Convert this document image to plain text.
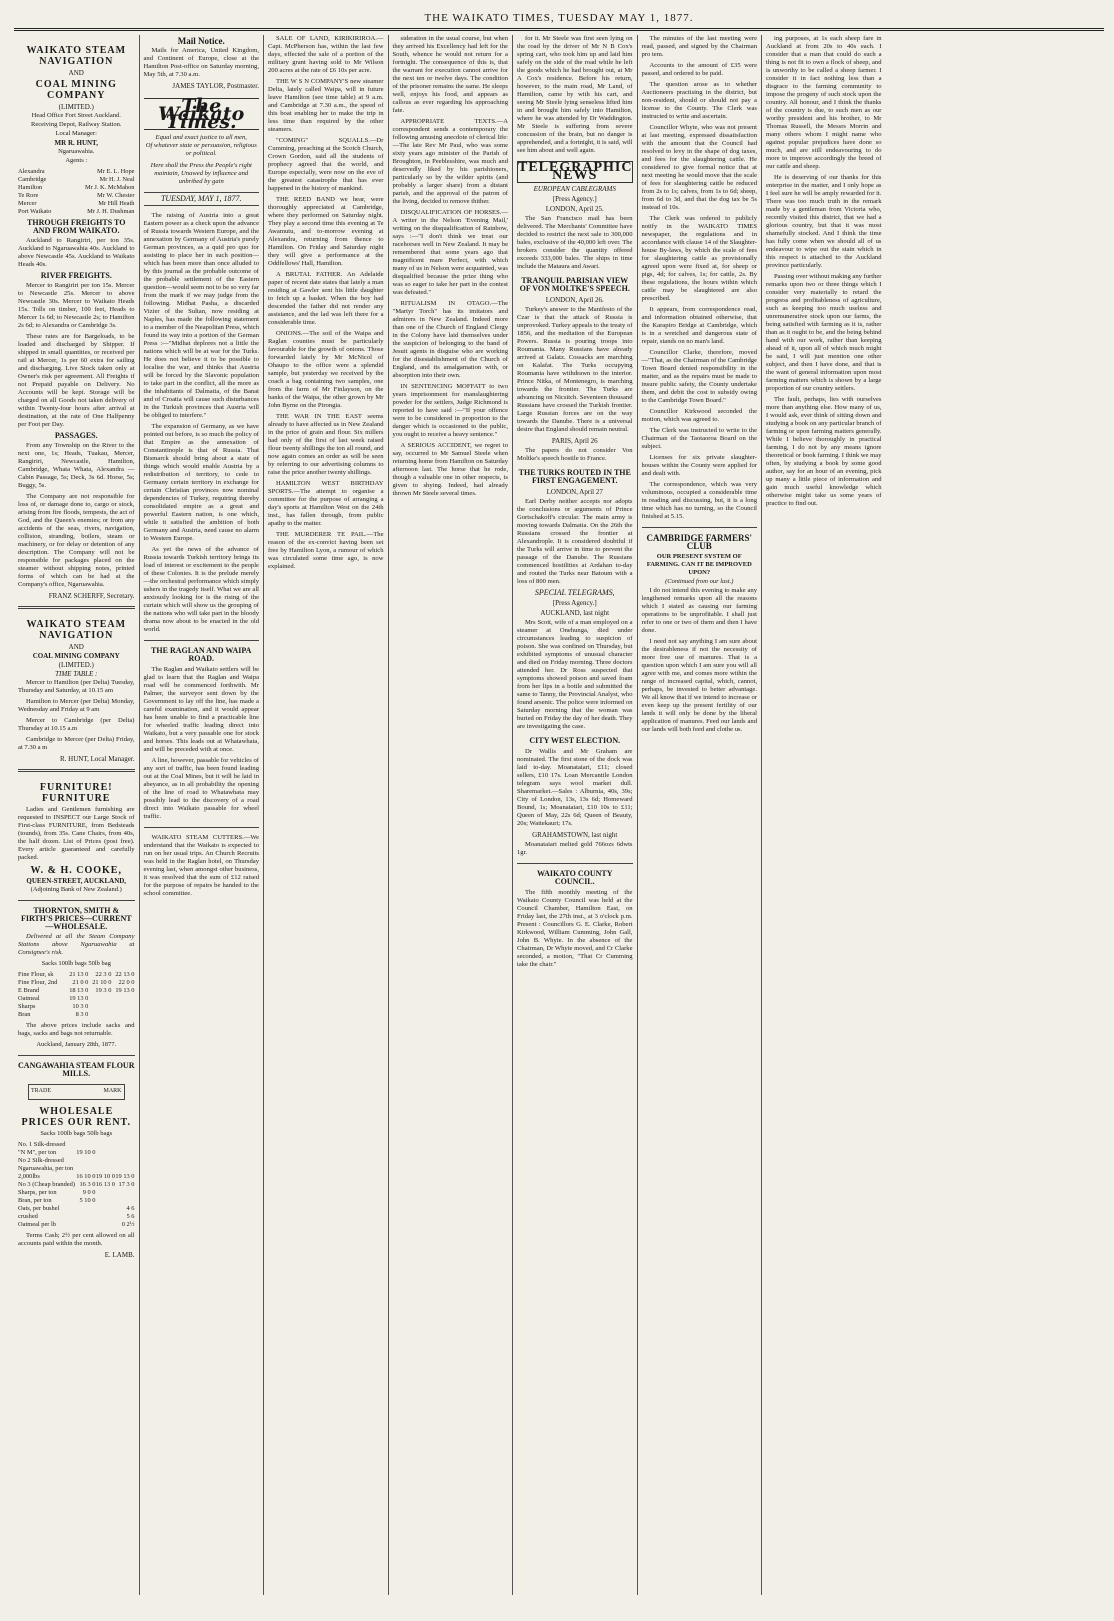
THE WAIKATO TIMES, TUESDAY MAY 1, 1877.
WAIKATO STEAM NAVIGATION
AND
COAL MINING COMPANY
(LIMITED.)
Head Office Fort Street Auckland.
Receiving Depot, Railway Station.
Local Manager:
MR R. HUNT,
Ngaruawahia.
Agents :
Alexandra	Mr E. L. Hope
Cambridge	Mr H. J. Neal
Hamilton	Mr J. K. McMahon
Te Rore	Mr W. Chester
Mercer	Mr Hill Heath
Port Waikato	Mr J. H. Dushman
THROUGH FREIGHTS TO AND FROM WAIKATO.

Auckland to Rangiriri, per ton 35s. Auckland to Ngaruawahia 40s. Auckland to above Newcastle 45s. Auckland to Waikato Heads 40s.

RIVER FREIGHTS.

Mercer to Rangiriri per ton 15s. Mercer to Newcastle 25s. Mercer to above Newcastle 30s. Mercer to Waikato Heads 15s. Tolls on timber, 100 feet, Heads to Mercer 1s 6d; to Newcastle 2s; to Hamilton 2s 6d; to Alexandra or Cambridge 3s.

These rates are for Bargeloads, to be loaded and discharged by Shipper. If shipped in small quantities, or received per rail at Mercer, 1s per 60 extra for sailing and discharging. Live Stock taken only at Owner's risk per agreement. All Freights if not Prepaid payable on Delivery. No Accounts will be kept. Storage will be charged on all Goods not taken delivery of within Twenty-four hours after arrival at destination, at the rate of One Halfpenny per Foot per Day.

PASSAGES.

From any Township on the River to the next one, 1s; Heads, Tuakau, Mercer, Rangiriri, Newcastle, Hamilton, Cambridge, Whata Whata, Alexandra — Cabin Passage, 5s; Deck, 3s 6d. Horse, 5s; Buggy, 5s.

The Company are not responsible for loss of, or damage done to, cargo or stock, arising from fire floods, tempests, the act of God, and the Queen's enemies; or from any accidents of the seas, rivers, navigation, collision, stranding, boilers, steam or machinery, or for delay or detention of any description. The Company will not be responsible for packages placed on the steamer without shipping notes, printed forms of which can be had at the Company's office, Ngaruawahia.

FRANZ SCHERFF, Secretary.
WAIKATO STEAM NAVIGATION
AND
COAL MINING COMPANY
(LIMITED.)
TIME TABLE :

Mercer to Hamilton (per Delta) Tuesday, Thursday and Saturday, at 10.15 am

Hamilton to Mercer (per Delta) Monday, Wednesday and Friday at 9 am

Mercer to Cambridge (per Delta) Thursday at 10.15 a.m

Cambridge to Mercer (per Delta) Friday, at 7.30 a m

R. HUNT, Local Manager.
FURNITURE! FURNITURE

Ladies and Gentlemen furnishing are requested to INSPECT our Large Stock of First-class FURNITURE, from Bedsteads (tounds), from 35s. Cane Chairs, from 40s, the half dozen. List of Prices (post free). Every article guaranteed and carefully packed.

W. & H. COOKE,
QUEEN-STREET, AUCKLAND,
(Adjoining Bank of New Zealand.)
THORNTON, SMITH & FIRTH'S PRICES—CURRENT—WHOLESALE.

Delivered at all the Steam Company Stations above Ngaruawahia at Consignee's risk.

Sacks 100lb bags 50lb bag
Fine Flour, sk	21 13 0	22 3 0	22 13 0
Fine Flour, 2nd	21 0 0	21 10 0	22 0 0
E Brand	18 13 0	19 3 0	19 13 0
Oatmeal	19 13 0		
Sharps	10 3 0		
Bran	8 3 0		

The above prices include sacks and bags, sacks and bags not returnable.

Auckland, January 28th, 1877.
CANGAWAHIA STEAM FLOUR MILLS.
TRADE	MARK
WHOLESALE PRICES OUR RENT.
Sacks 100lb bags 50lb bags
No. 1 Silk-dressed			
"N M", per ton	19 10 0		
No 2 Silk-dressed			
Ngaruawahia, per ton			
2,000lbs	16 10 0	19 10 0	19 13 0
No 3 (Cheap branded)	16 3 0	16 13 0	17 3 0
Sharps, per ton	9 0 0		
Bran, per ton	5 10 0		
Oats, per bushel			4 6
crushed			5 6
Oatmeal per lb			0 2½

Terms Cash; 2½ per cent allowed on all accounts paid within the month.

E. LAMB.
Mail Notice.

Mails for America, United Kingdom, and Continent of Europe, close at the Hamilton Post-office on Saturday morning, May 5th, at 7.30 a.m.

JAMES TAYLOR, Postmaster.
The Waikato Times.
Equal and exact justice to all men,
Of whatever state or persuasion, religious or political.
Here shall the Press the People's right maintain, Unawed by influence and unbribed by gain
TUESDAY, MAY 1, 1877.

The raising of Austria into a great Eastern power as a check upon the advance of Russia towards Western Europe, and the annexation by Germany of Austria's purely German provinces, as a quid pro quo for assisting to place her in such position—which has been more than once alluded to by this journal as the probable outcome of the probable settlement of the Eastern question—would seem not to be so very far from the mark if we may judge from the following. Midhat Pasha, a discarded Vizier of the Sultan, now residing at Naples, has made the following statement to a member of the Neapolitan Press, which found its way into a portion of the German Press :—"Midhat deplores not a little the nations which will be at war for the Turks. He does not believe it to be possible to localise the war, and thinks that Austria will be forced by the Slavonic population to take part in the conflict, all the more as the inhabitants of Dalmatia, of the Banat and of Croatia will cause such disturbances in the Turkish provinces that Austria will be obliged to interfere."

The expansion of Germany, as we have pointed out before, is so much the policy of that Empire as the annexation of Constantinople is that of Russia. That Bismarck should bring about a state of things which would enable Austria by a redistribution of territory, to cede to Germany certain territory in exchange for certain Christian provinces now nominal dependencies of Turkey, requiring thereby consolidated empire as a great and powerful Eastern nation, is one which, while it satisfied the ambition of both Germany and Austria, need cause no alarm to Western Europe.

As yet the news of the advance of Russia towards Turkish territory brings its load of interest or excitement to the people of these Colonies. It is the prelude merely—the orchestral performance which simply ushers in the tragedy itself. What we are all anxiously looking for is the rising of the curtain which will show us the grouping of the nations who will take part in the bloody drama now about to be enacted in the old world.

THE RAGLAN AND WAIPA ROAD.

The Raglan and Waikato settlers will be glad to learn that the Raglan and Waipa road will be commenced forthwith. Mr Palmer, the surveyor sent down by the Government to lay off the line, has made a careful examination, and it would appear has been unable to find a practicable line for wheeled traffic leading direct into Waikato, but a very passable one for stock and horses. This leads out at Whatawhata, and will be preceded with at once.

A line, however, passable for vehicles of any sort of traffic, has been found leading out at the Coal Mines, but it will be laid in abeyance, as in all probability the opening of the line of road to Whatawhata may possibly lead to the discovery of a road direct into Waikato passable for wheel traffic.

WAIKATO STEAM CUTTERS.—We understand that the Waikato is expected to run on her usual trips. An Church Recruits was held in the Raglan hotel, on Thursday evening last, when amongst other business, it was resolved that the sum of £12 raised for the purpose of repairs be handed to the school committee.

SALE OF LAND, KIRIKIRIROA.—Capt. McPherson has, within the last few days, effected the sale of a portion of the military grant having sold to Mr Wilson 200 acres at the rate of £6 10s per acre.

THE W S N COMPANY'S new steamer Delta, lately called Waipa, will in future leave Hamilton (see time table) at 9 a.m. and Cambridge at 7.30 a.m., the speed of this boat enabling her to make the trip in less time than required by the other steamers.

"COMING" SQUALLS.—Dr Cumming, preaching at the Scotch Church, Crown Gordon, said all the students of prophecy agreed that the world, and Europe especially, were now on the eve of the greatest catastrophe that has ever happened in the history of mankind.

THE REED BAND we hear, were thoroughly appreciated at Cambridge, where they performed on Saturday night. They play a second time this evening at Te Awamutu, and to-morrow evening at Alexandra, returning from thence to Hamilton. On Friday and Saturday night they will give a performance at the Oddfellows' Hall, Hamilton.

A BRUTAL FATHER. An Adelaide paper of recent date states that lately a man residing at Gawler sent his little daughter to fetch up a basket. When the boy had descended the father did not render any assistance, and the lad was left there for a considerable time.

ONIONS.—The soil of the Waipa and Raglan counties must be particularly favourable for the growth of onions. Those forwarded lately by Mr McNicol of Ohaupo to the office were a splendid sample, but yesterday we received by the coach a bag containing two samples, one from the farm of Mr Finlayson, on the banks of the Waipa, the other grown by Mr John Byrne on the Pirongia.

THE WAR IN THE EAST seems already to have affected us in New Zealand in the price of grain and flour. Six millers had only of the first of last week raised flour twenty shillings the ton all round, and now again comes an order as will be seen by referring to our advertising columns to raise the price another twenty shillings.

HAMILTON WEST BIRTHDAY SPORTS.—The attempt to organise a committee for the purpose of arranging a day's sports at Hamilton West on the 24th inst., has fallen through, from public apathy to the matter.

THE MURDERER TE PAIL.—The reason of the ex-convict having been set free by Hamilton Lyon, a rumour of which was circulated some time ago, is now explained.

sideration in the usual course, but when they arrived his Excellency had left for the South, whence he would not return for a fortnight. The consequence of this is, that the warrant for execution cannot arrive for the next ten or twelve days. The condition of the prisoner remains the same. He sleeps well, enjoys his food, and appears as callous as ever regarding his approaching fate.

APPROPRIATE TEXTS.—A correspondent sends a contemporary the following amusing anecdote of clerical life:—The late Rev Mr Paul, who was some sixty years ago minister of the Parish of Broughton, in Peeblesshire, was much and deservedly liked by his parishioners, particularly so by the wilder spirits (and probably a larger share) from a distant parish, and the approval of the patron of the living, decided to remove thither.

DISQUALIFICATION OF HORSES.—A writer in the Nelson 'Evening Mail,' writing on the disqualification of Rainbow, says :—"I don't think we treat our racehorses well in New Zealand. It may be remembered that some years ago that magnificent mare Perfect, with which many of us in Nelson were acquainted, was disqualified because the prize thing who was so eager to take her part in the contest was defeated."

RITUALISM IN OTAGO.—The "Martyr Torch" has its imitators and admirers in New Zealand. Indeed more than one of the Church of England Clergy in the Colony have laid themselves under the suspicion of belonging to the band of Jesuit agents in disguise who are working for the disestablishment of the Church of England, and its amalgamation with, or absorption into their own.

IN SENTENCING MOFFATT to two years imprisonment for manslaughtering powder for the settlers, Judge Richmond is reported to have said :—"If your offence were to be considered in proportion to the danger which is occasioned to the public, you ought to receive a heavy sentence."

A SERIOUS ACCIDENT, we regret to say, occurred to Mr Samuel Steele when returning home from Hamilton on Saturday afternoon last. The horse that he rode, though a valuable one in other respects, is given to shying. Indeed, had already thrown Mr Steele several times.

for it. Mr Steele was first seen lying on the road by the driver of Mr N B Cox's spring cart, who took him up and laid him safely on the side of the road while he left the goods which he had brought out, at Mr A Cox's residence. Before his return, however, to the main road, Mr Land, of Hamilton, came by with his cart, and seeing Mr Steele lying senseless lifted him in and brought him safely into Hamilton, where he was attended by Dr Waddington. Mr Steele is suffering from severe concussion of the brain, but no danger is apprehended, and a fortnight, it is said, will see him about and well again.

TELEGRAPHIC NEWS
EUROPEAN CABLEGRAMS
[Press Agency.]
LONDON, April 25.

The San Francisco mail has been delivered. The Merchants' Committee have decided to restrict the next sale to 300,000 bales, exclusive of the 40,000 left over. The brokers consider the quantity offered exceeds 333,000 bales. The ships in time include the Mataura and Awari.

TRANQUIL PARISIAN VIEW OF VON MOLTKE'S SPEECH.
LONDON, April 26.

Turkey's answer to the Manifesto of the Czar is that the attack of Russia is unprovoked. Turkey appeals to the treaty of 1856, and the mediation of the European Powers. Russia is pouring troops into Roumania. Many Russians have already arrived at Galatz. Cossacks are marching on Kalafat. The Turks occupying Roumania have withdrawn to the interior. Prince Nitka, of Montenegro, is marching towards the frontier. The Turks are advancing on Nicsitch. Seventeen thousand Russians have crossed the Turkish frontier. Large Russian forces are on the way towards the Danube. There is a universal desire that England should remain neutral.

PARIS, April 26

The papers do not consider Von Moltke's speech hostile to France.

THE TURKS ROUTED IN THE FIRST ENGAGEMENT.
LONDON, April 27

Earl Derby neither accepts nor adopts the conclusions or arguments of Prince Gortschakoff's circular. The main army is moving towards Dalmatia. On the 26th the Russians crossed the frontier at Alexandrople. It is considered doubtful if the Turks will arrive in time to prevent the passage of the Danube. The Russians commenced hostilities at Ardahan to-day and routed the Turks near Batoum with a loss of 800 men.

SPECIAL TELEGRAMS,
[Press Agency.]
AUCKLAND, last night

Mrs Scott, wife of a man employed on a steamer at Onehunga, died under circumstances leading to suspicion of poison. She was confined on Thursday, but exhibited symptoms of unusual character and died on Friday morning. Three doctors attended her. Dr Ross suspected that symptoms showed poison and saved foam from her lips in a bottle and submitted the same to Tanny, the Provincial Analyst, who found arsenic. The police were informed on Saturday morning that the woman was buried on Friday the day of her death. They are investigating the case.

CITY WEST ELECTION.

Dr Wallis and Mr Graham are nominated. The first stone of the dock was laid to-day. Moanataiari, £11; closed sellers, £10 17s. Loan Mercantile London telegram says wool market dull. Sharemarket.—Sales : Alburnia, 40s, 39s; City of London, 13s, 13s 6d; Homeward Bound, 1s; Moanataiari, £10 10s to £11; Queen of May, 22s 6d; Queen of Beauty, 20s; Waitekauri; 17s.

GRAHAMSTOWN, last night

Moanataiari melted gold 766ozs 6dwts 1gr.

WAIKATO COUNTY COUNCIL.

The fifth monthly meeting of the Waikato County Council was held at the Council Chamber, Hamilton East, on Friday last, the 27th inst., at 3 o'clock p.m. Present : Councillors G. E. Clarke, Robert Kirkwood, William Cumming, John Gall, John B. Whyte. In the absence of the Chairman, Dr Whyte moved, and Cr Clarke seconded, a motion, "That Cr Cumming take the chair."

The minutes of the last meeting were read, passed, and signed by the Chairman pro tem.

Accounts to the amount of £35 were passed, and ordered to be paid.

The question arose as to whether Auctioneers practising in the district, but non-resident, should or should not pay a license to the County. The Clerk was instructed to write and ascertain.

Councillor Whyte, who was not present at last meeting, expressed dissatisfaction with the amount that the Council had resolved to levy in the shape of dog taxes, and fees for the slaughtering cattle. He considered to give formal notice that at next meeting he would move that the scale of fees for slaughtering cattle be reduced from 2s to 1s; calves, from 1s to 6d; sheep, from 6d to 3d, and that the dog tax be 5s instead of 10s.

The Clerk was ordered to publicly notify in the WAIKATO TIMES newspaper, the regulations and in accordance with clause 14 of the Slaughter-house By-laws, by which the scale of fees for slaughtering cattle as provisionally agreed upon were fixed at, for sheep or pigs, 4d; for calves, 1s; for cattle, 2s. By these regulations, the hours within which cattle may be slaughtered are also prescribed.

It appears, from correspondence read, and information obtained otherwise, that the Karapiro Bridge at Cambridge, which is in a wretched and dangerous state of repair, stands on no man's land.

Councillor Clarke, therefore, moved—"That, as the Chairman of the Cambridge Town Board denied responsibility in the matter, and as the repairs must be made to insure public safety, the County undertake them, and debit the cost to subsidy owing to the Cambridge Town Board."

Councillor Kirkwood seconded the motion, which was agreed to.

The Clerk was instructed to write to the Chairman of the Taotaoroa Board on the subject.

Licenses for six private slaughter-houses within the County were applied for and dealt with.

The correspondence, which was very voluminous, occupied a considerable time in reading and discussing, but, it is a long time which has no turning, so the Council finished at 5.15.

CAMBRIDGE FARMERS' CLUB
OUR PRESENT SYSTEM OF FARMING. CAN IT BE IMPROVED UPON?
(Continued from our last.)

I do not intend this evening to make any lengthened remarks upon all the reasons which I stated as causing our farming operations to be unprofitable. I shall just refer to one or two of them and then I have done.

I need not say anything I am sure about the desirableness if not the necessity of more free use of manures. That is a question upon which I am sure you will all agree with me, and comes more within the range of increased capital, which, cannot, perhaps, be invested to better advantage. We all know that if we intend to increase or even keep up the present fertility of our lands it will only be done by the liberal application of manures. Feed our lands and our lands will both feed and clothe us.

ing purposes, at 1s each sheep fare in Auckland at from 20s to 40s each. I consider that a man that could do such a thing is not fit to own a flock of sheep, and is unworthy to be called a sheep farmer. I consider it in fact nothing less than a disgrace to the farming community to impose the progeny of such stock upon the country. All honour, and I think the thanks of the country is due, to such men as our worthy president and his brother, to Mr Thomas Russell, the Messrs Morrin and many others whom I might name who against popular prejudices have done so much, and are still endeavouring to do more to improve accordingly the breed of our cattle and sheep.

He is deserving of our thanks for this enterprise in the matter, and I only hope as I feel sure he will be amply rewarded for it. There was too much truth in the remark made by a gentleman from Victoria who, recently visited this district, that we had a glorious country, but that it was most shamefully stocked. And I think the time has fully come when we should all of us endeavour to wipe out the stain which in this respect is attached to the Auckland province particularly.

Passing over without making any further remarks upon two or three things which I consider very materially to retard the progress and profitableness of agriculture, such as keeping too much useless and unremunerative stock upon our farms, the being satisfied with farming as it is, rather than as it ought to be, and the being behind hand with our work, rather than keeping ahead of it, upon all of which much might be said, I will just mention one other subject, and then I have done, and that is the want of general information upon most farming matters which is shown by a large proportion of our country settlers.

The fault, perhaps, lies with ourselves more than anything else. How many of us, I would ask, ever think of sitting down and studying a book on any particular branch of farming or upon farming matters generally. While I believe thoroughly in practical farming, I do not by any means ignore theoretical or book farming. I think we may often, by studying a book by some good author, say for an hour of an evening, pick up many a little piece of information and gain much useful knowledge which otherwise might take us some years of practice to find out.
